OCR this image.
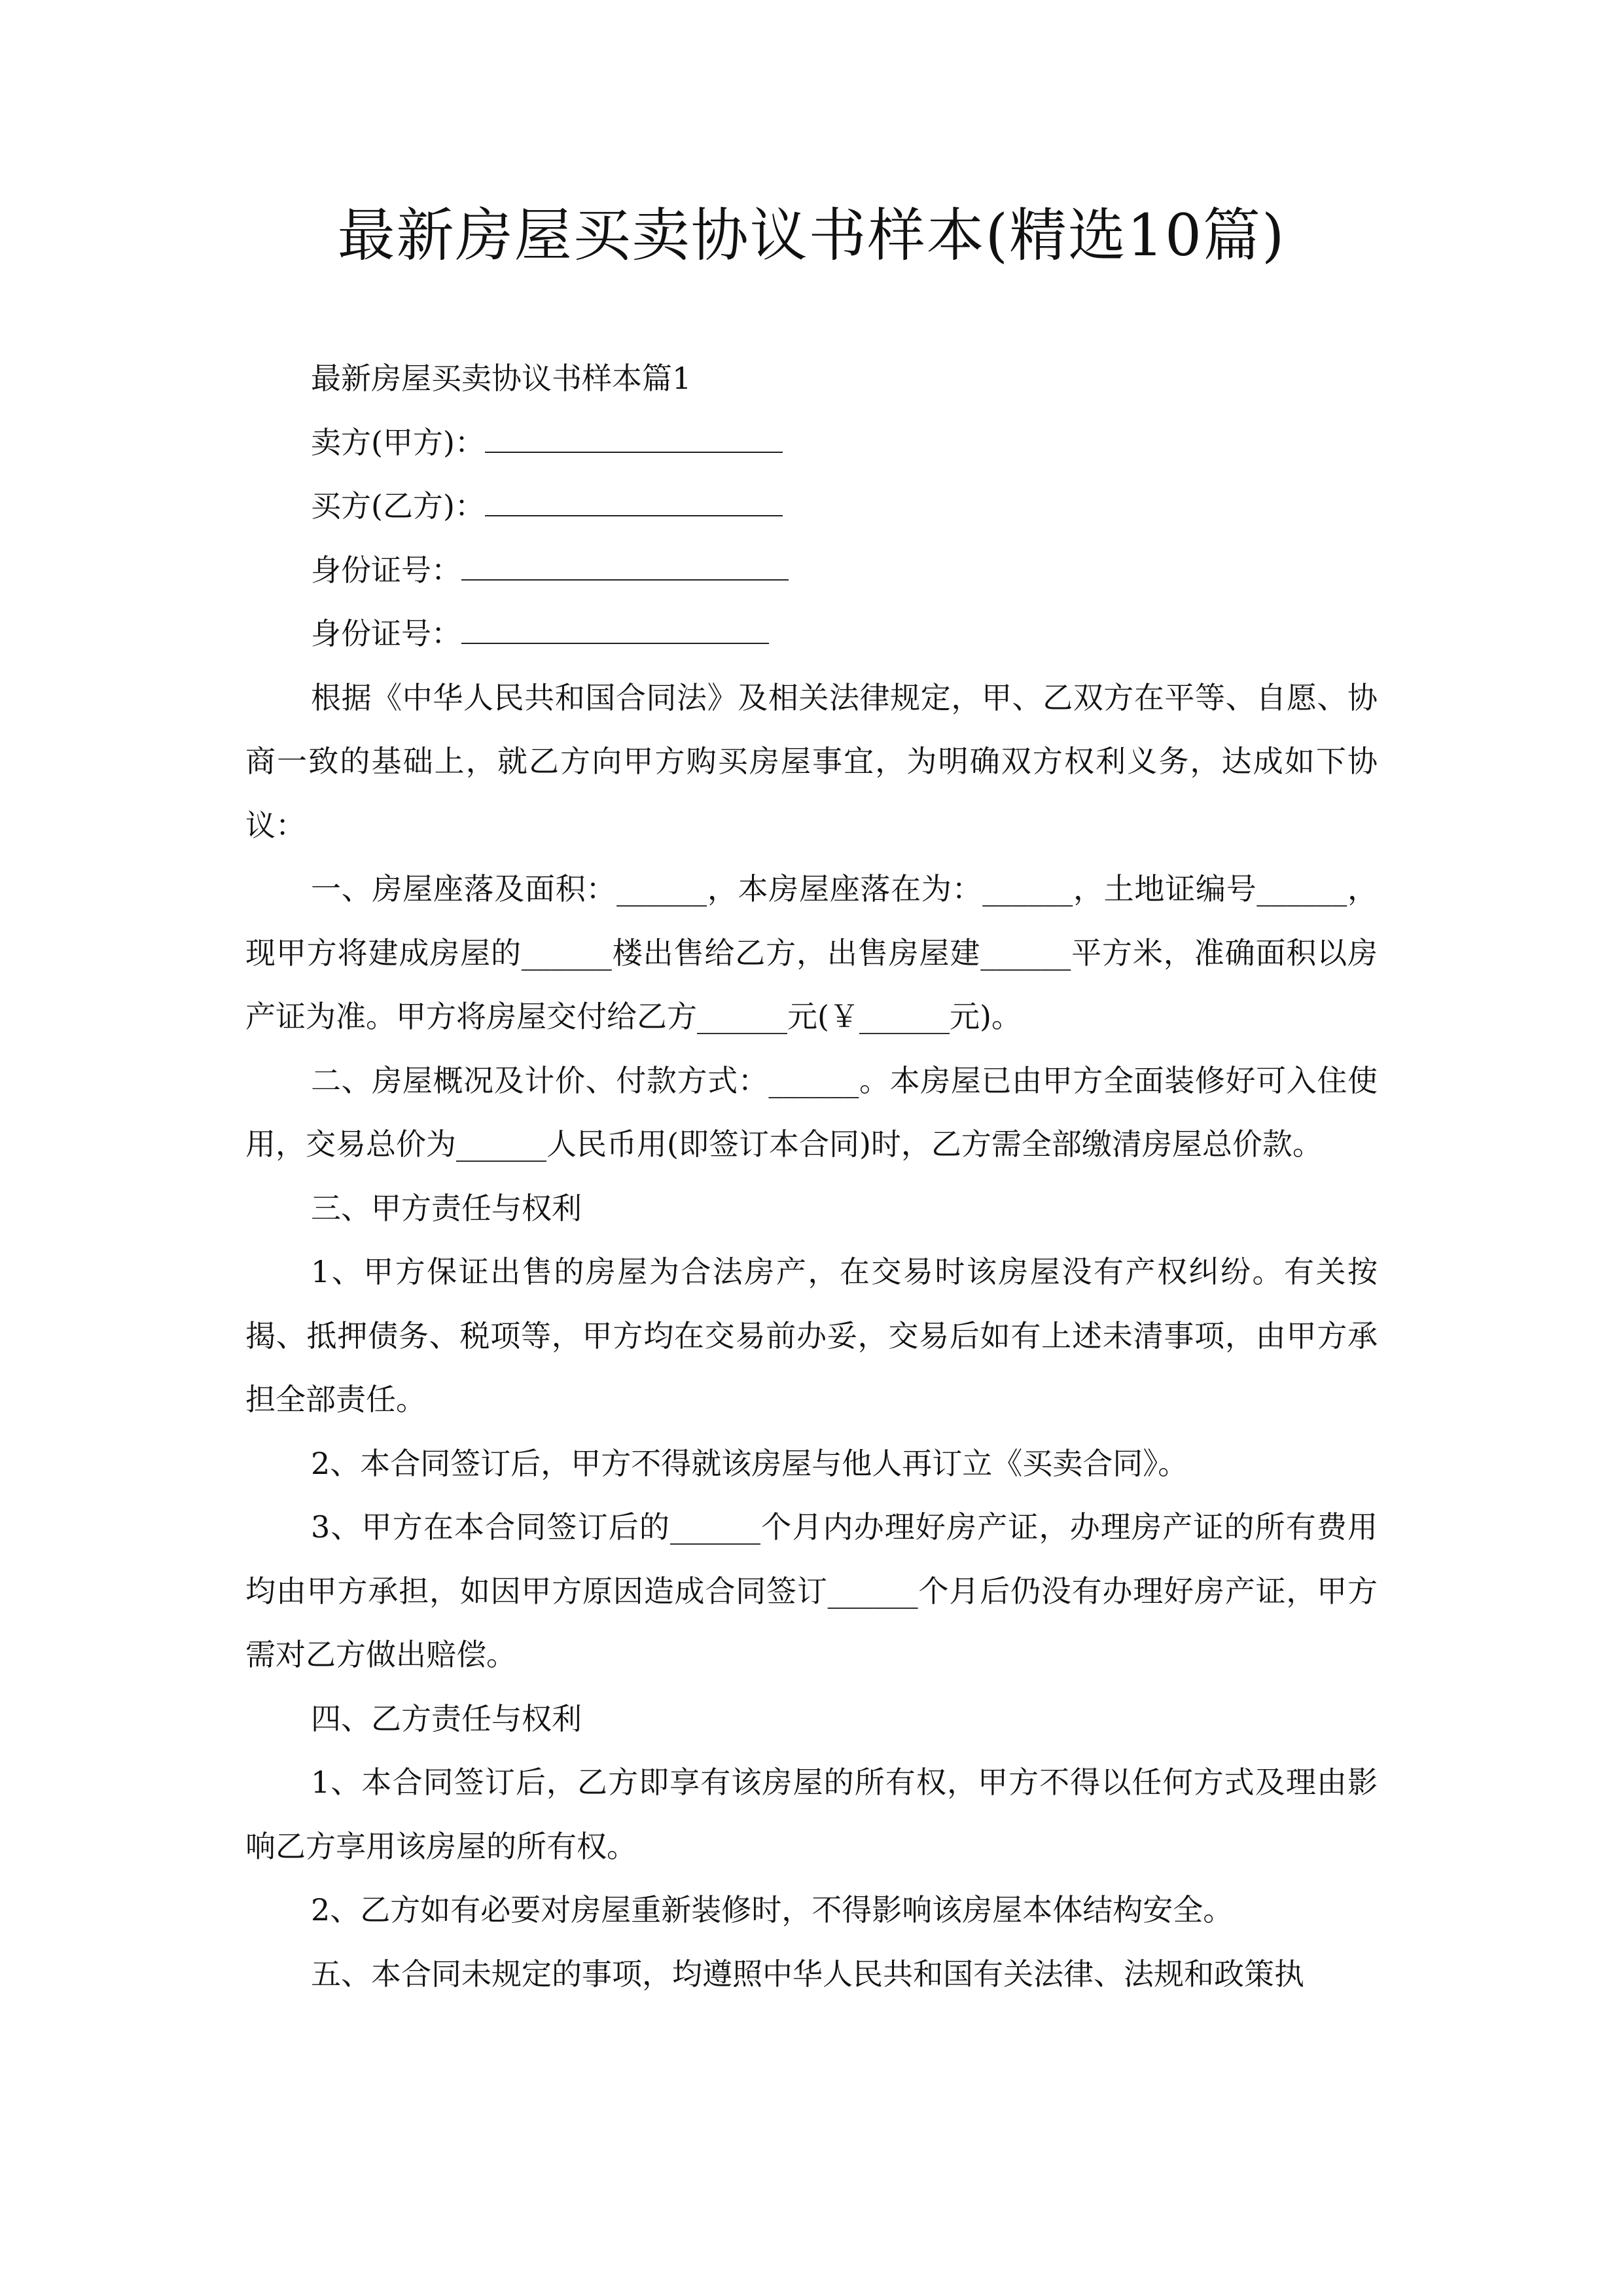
最新房屋买卖协议书样本(精选10篇)

最新房屋买卖协议书样本篇1

卖方(甲方)：

买方(乙方)：

身份证号：

身份证号：

根据《中华人民共和国合同法》及相关法律规定，甲、乙双方在平等、自愿、协商一致的基础上，就乙方向甲方购买房屋事宜，为明确双方权利义务，达成如下协议：

一、房屋座落及面积：______，本房屋座落在为：______，土地证编号______，现甲方将建成房屋的______楼出售给乙方，出售房屋建______平方米，准确面积以房产证为准。甲方将房屋交付给乙方______元(￥______元)。

二、房屋概况及计价、付款方式：______。本房屋已由甲方全面装修好可入住使用，交易总价为______人民币用(即签订本合同)时，乙方需全部缴清房屋总价款。

三、甲方责任与权利

1、甲方保证出售的房屋为合法房产，在交易时该房屋没有产权纠纷。有关按揭、抵押债务、税项等，甲方均在交易前办妥，交易后如有上述未清事项，由甲方承担全部责任。

2、本合同签订后，甲方不得就该房屋与他人再订立《买卖合同》。

3、甲方在本合同签订后的______个月内办理好房产证，办理房产证的所有费用均由甲方承担，如因甲方原因造成合同签订______个月后仍没有办理好房产证，甲方需对乙方做出赔偿。

四、乙方责任与权利

1、本合同签订后，乙方即享有该房屋的所有权，甲方不得以任何方式及理由影响乙方享用该房屋的所有权。

2、乙方如有必要对房屋重新装修时，不得影响该房屋本体结构安全。

五、本合同未规定的事项，均遵照中华人民共和国有关法律、法规和政策执
